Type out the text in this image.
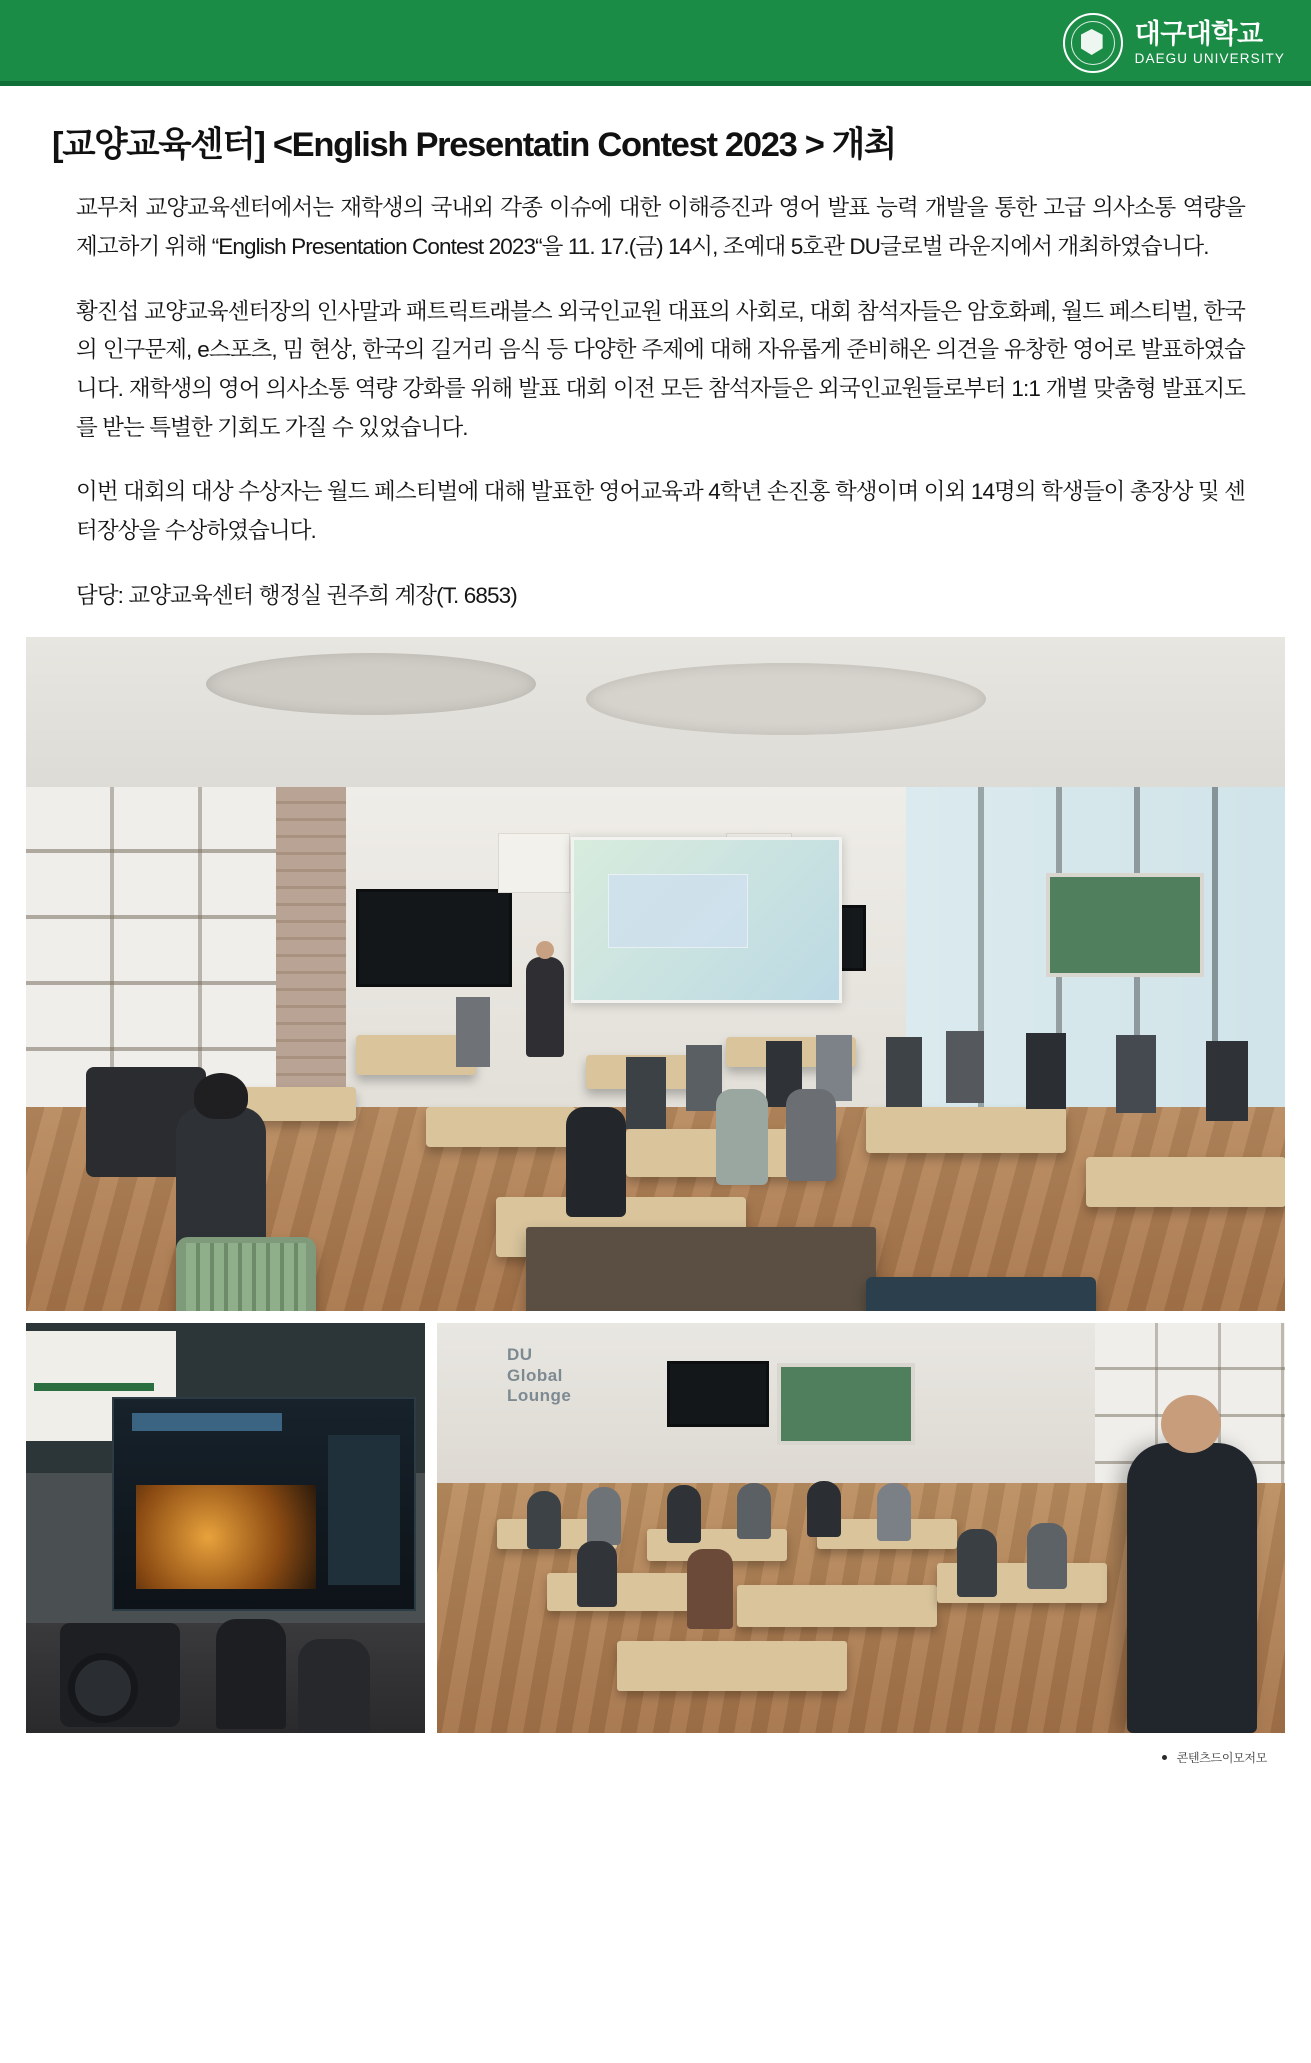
대구대학교
DAEGU UNIVERSITY
[교양교육센터] <English Presentatin Contest 2023 > 개최

교무처 교양교육센터에서는 재학생의 국내외 각종 이슈에 대한 이해증진과 영어 발표 능력 개발을 통한 고급 의사소통 역량을 제고하기 위해 “English Presentation Contest 2023“을 11. 17.(금) 14시, 조예대 5호관 DU글로벌 라운지에서 개최하였습니다.

황진섭 교양교육센터장의 인사말과 패트릭트래블스 외국인교원 대표의 사회로, 대회 참석자들은 암호화폐, 월드 페스티벌, 한국의 인구문제, e스포츠, 밈 현상, 한국의 길거리 음식 등 다양한 주제에 대해 자유롭게 준비해온 의견을 유창한 영어로 발표하였습니다. 재학생의 영어 의사소통 역량 강화를 위해 발표 대회 이전 모든 참석자들은 외국인교원들로부터 1:1 개별 맞춤형 발표지도를 받는 특별한 기회도 가질 수 있었습니다.

이번 대회의 대상 수상자는 월드 페스티벌에 대해 발표한 영어교육과 4학년 손진홍 학생이며 이외 14명의 학생들이 총장상 및 센터장상을 수상하였습니다.

담당: 교양교육센터 행정실 권주희 계장(T. 6853)

DU
Global Lounge
콘텐츠드이모저모
